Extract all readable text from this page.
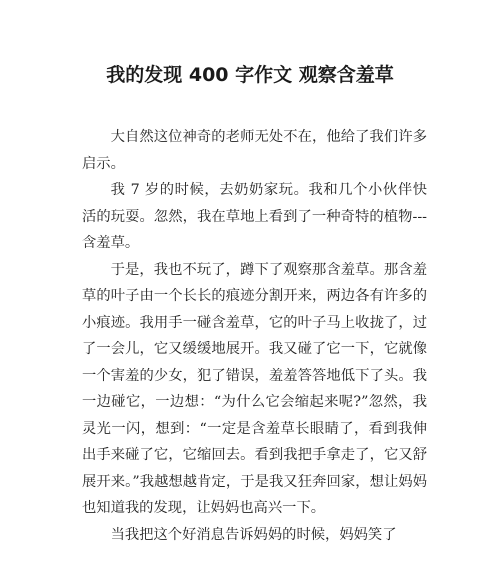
我的发现 400 字作文 观察含羞草

大自然这位神奇的老师无处不在，他给了我们许多启示。

我 7 岁的时候，去奶奶家玩。我和几个小伙伴快活的玩耍。忽然，我在草地上看到了一种奇特的植物---含羞草。

于是，我也不玩了，蹲下了观察那含羞草。那含羞草的叶子由一个长长的痕迹分割开来，两边各有许多的小痕迹。我用手一碰含羞草，它的叶子马上收拢了，过了一会儿，它又缓缓地展开。我又碰了它一下，它就像一个害羞的少女，犯了错误，羞羞答答地低下了头。我一边碰它，一边想：“为什么它会缩起来呢?”忽然，我灵光一闪，想到：“一定是含羞草长眼睛了，看到我伸出手来碰了它，它缩回去。看到我把手拿走了，它又舒展开来。”我越想越肯定，于是我又狂奔回家，想让妈妈也知道我的发现，让妈妈也高兴一下。

当我把这个好消息告诉妈妈的时候，妈妈笑了
